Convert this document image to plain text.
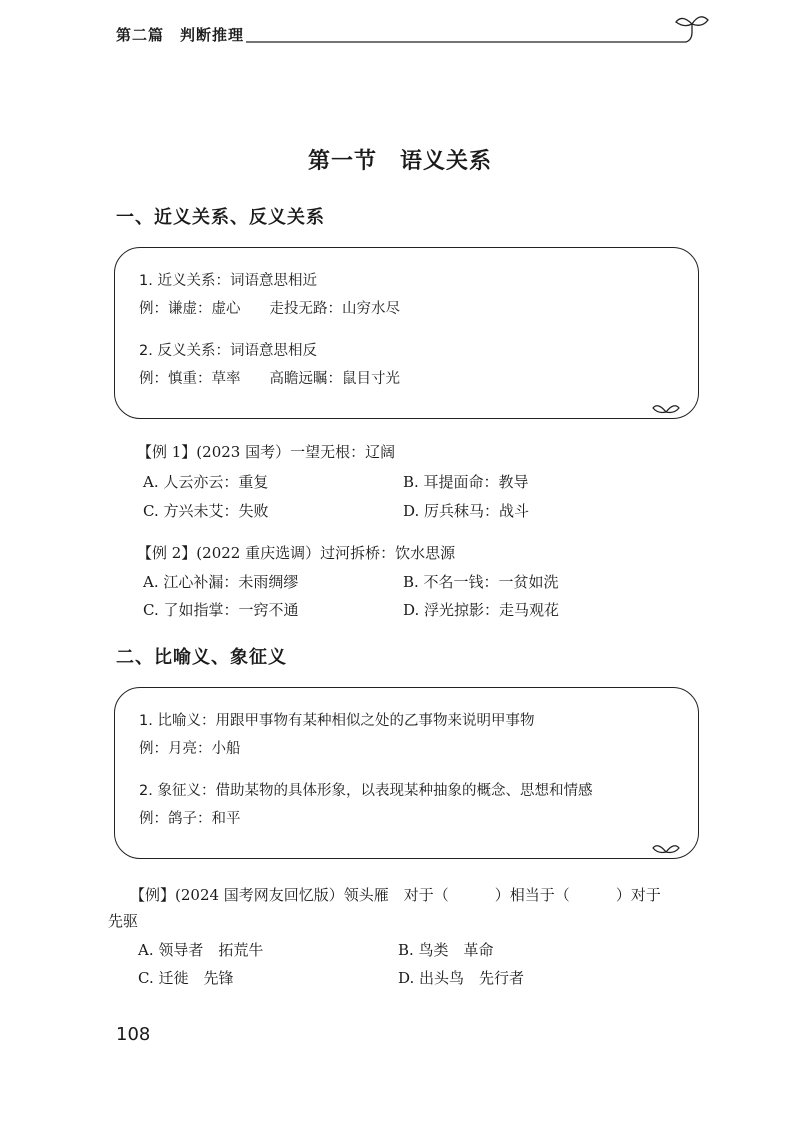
第二篇　判断推理
第一节　语义关系
一、近义关系、反义关系
1. 近义关系：词语意思相近
例：谦虚：虚心　　走投无路：山穷水尽
2. 反义关系：词语意思相反
例：慎重：草率　　高瞻远瞩：鼠目寸光
【例 1】(2023 国考）一望无根：辽阔
A. 人云亦云：重复	B. 耳提面命：教导
C. 方兴未艾：失败	D. 厉兵秣马：战斗
【例 2】(2022 重庆选调）过河拆桥：饮水思源
A. 江心补漏：未雨绸缪	B. 不名一钱：一贫如洗
C. 了如指掌：一窍不通	D. 浮光掠影：走马观花
二、比喻义、象征义
1. 比喻义：用跟甲事物有某种相似之处的乙事物来说明甲事物
例：月亮：小船
2. 象征义：借助某物的具体形象，以表现某种抽象的概念、思想和情感
例：鸽子：和平
【例】(2024 国考网友回忆版）领头雁　对于（	）相当于（	）对于
先驱
A. 领导者　拓荒牛	B. 鸟类　革命
C. 迁徙　先锋	D. 出头鸟　先行者
108
